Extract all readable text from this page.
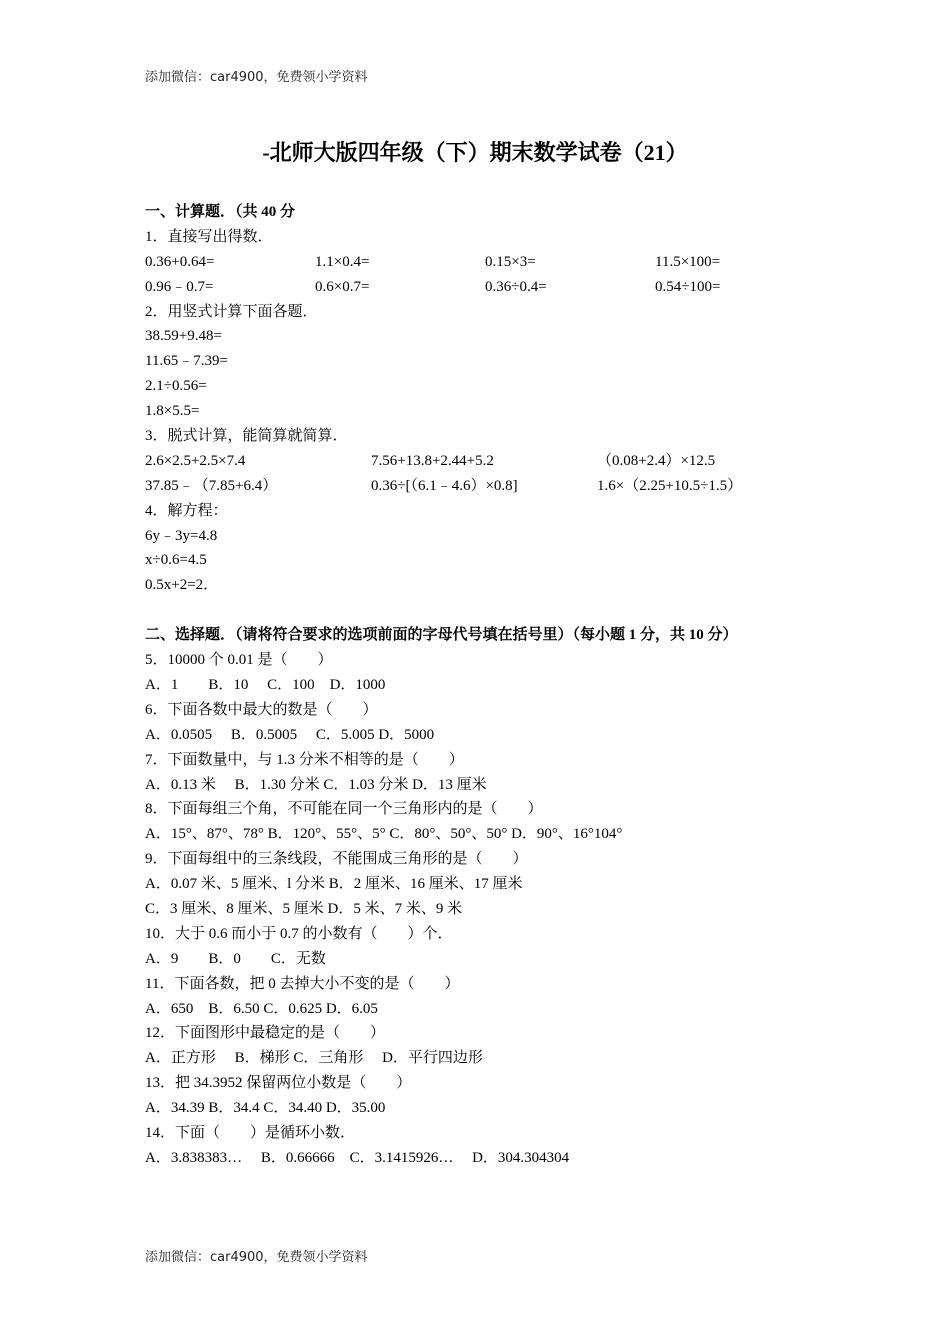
添加微信：car4900，免费领小学资料
-北师大版四年级（下）期末数学试卷（21）
一、计算题．（共 40 分
1．直接写出得数．
0.36+0.64=	1.1×0.4=	0.15×3=	11.5×100=
0.96﹣0.7=	0.6×0.7=	0.36÷0.4=	0.54÷100=
2．用竖式计算下面各题．
38.59+9.48=
11.65﹣7.39=
2.1÷0.56=
1.8×5.5=
3．脱式计算，能简算就简算．
2.6×2.5+2.5×7.4	7.56+13.8+2.44+5.2	（0.08+2.4）×12.5
37.85﹣（7.85+6.4）	0.36÷[（6.1﹣4.6）×0.8]	1.6×（2.25+10.5÷1.5）
4．解方程：
6y﹣3y=4.8
x÷0.6=4.5
0.5x+2=2．
二、选择题．（请将符合要求的选项前面的字母代号填在括号里）（每小题 1 分，共 10 分）
5．10000 个 0.01 是（　　）
A．1　　B．10　 C．100　D．1000
6．下面各数中最大的数是（　　）
A．0.0505　 B．0.5005　 C．5.005 D．5000
7．下面数量中，与 1.3 分米不相等的是（　　）
A．0.13 米　 B．1.30 分米 C．1.03 分米 D．13 厘米
8．下面每组三个角，不可能在同一个三角形内的是（　　）
A．15°、87°、78° B．120°、55°、5° C．80°、50°、50° D．90°、16°104°
9．下面每组中的三条线段，不能围成三角形的是（　　）
A．0.07 米、5 厘米、l 分米 B．2 厘米、16 厘米、17 厘米
C．3 厘米、8 厘米、5 厘米 D．5 米、7 米、9 米
10．大于 0.6 而小于 0.7 的小数有（　　）个．
A．9　　B．0　　C．无数
11．下面各数，把 0 去掉大小不变的是（　　）
A．650　B．6.50 C．0.625 D．6.05
12．下面图形中最稳定的是（　　）
A．正方形　 B．梯形 C．三角形　 D．平行四边形
13．把 34.3952 保留两位小数是（　　）
A．34.39 B．34.4 C．34.40 D．35.00
14．下面（　　）是循环小数．
A．3.838383…　 B．0.66666　C．3.1415926…　 D．304.304304
添加微信：car4900，免费领小学资料
